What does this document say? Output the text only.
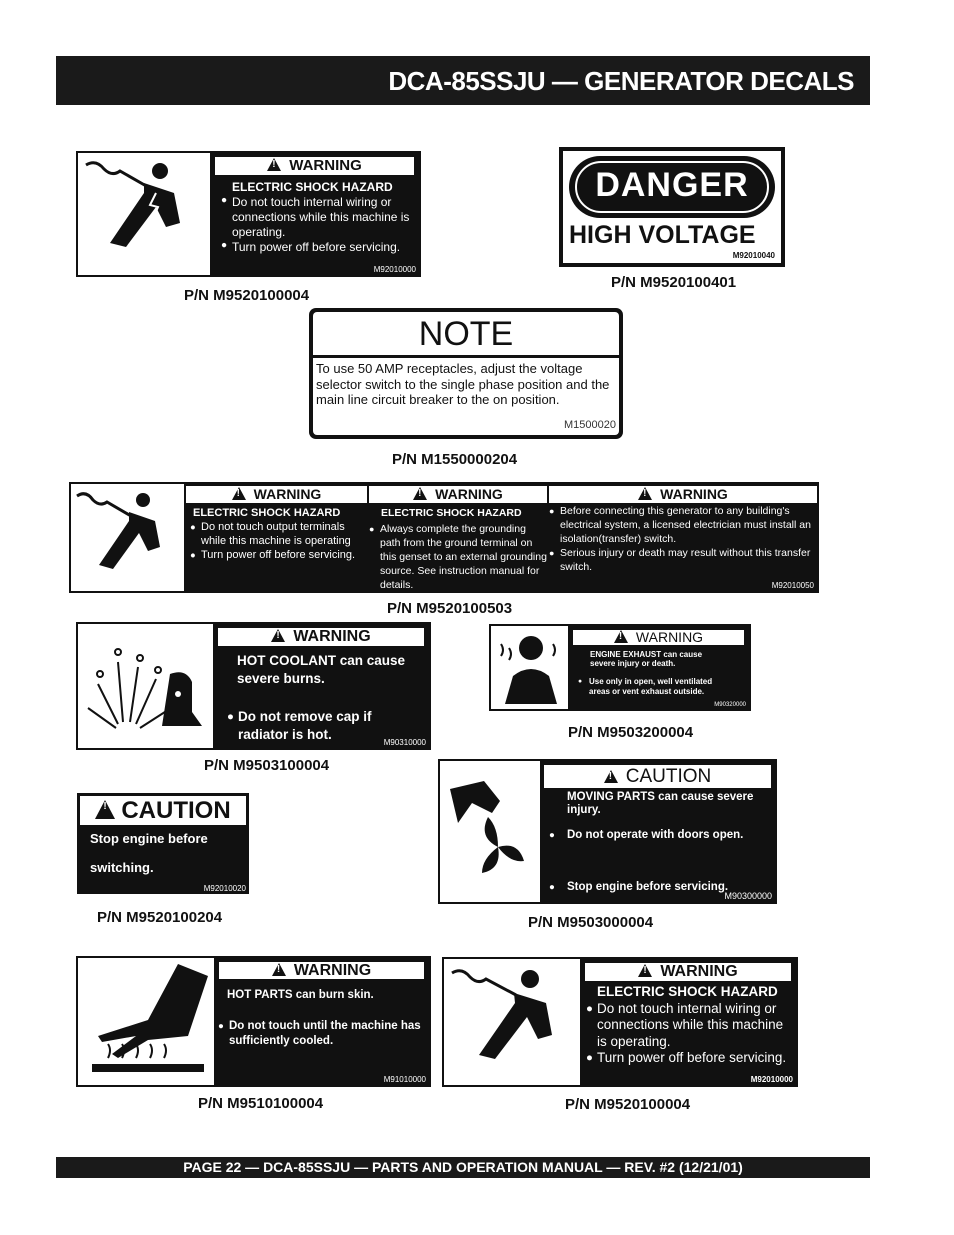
DCA-85SSJU — GENERATOR DECALS
!WARNING
ELECTRIC SHOCK HAZARD
● Do not touch internal wiring or connections while this machine is operating.
● Turn power off before servicing.
M92010000
P/N M9520100004
DANGER
HIGH VOLTAGE
M92010040
P/N M9520100401
NOTE
To use 50 AMP receptacles, adjust the voltage selector switch to the single phase position and the main line circuit breaker to the on position.
M1500020
P/N M1550000204
!WARNING !	WARNING !	WARNING
ELECTRIC SHOCK HAZARD
● Do not touch output terminals while this machine is operating
● Turn power off before servicing.
ELECTRIC SHOCK HAZARD
● Always complete the grounding path from the ground terminal on this genset to an external grounding source. See instruction manual for details.
● Before connecting this generator to any building's electrical system, a licensed electrician must install an isolation(transfer) switch.
● Serious injury or death may result without this transfer switch.
M92010050
P/N M9520100503
!WARNING
HOT COOLANT can cause severe burns.
● Do not remove cap if radiator is hot.
M90310000
P/N M9503100004
!WARNING
ENGINE EXHAUST can cause severe injury or death.
● Use only in open, well ventilated areas or vent exhaust outside.
M90320000
P/N M9503200004
!CAUTION
Stop engine before
switching.
M92010020
P/N M9520100204
!CAUTION
MOVING PARTS can cause severe injury.
● Do not operate with doors open.
● Stop engine before servicing.
M90300000
P/N M9503000004
!WARNING
HOT PARTS can burn skin.
● Do not touch until the machine has sufficiently cooled.
M91010000
P/N M9510100004
!WARNING
ELECTRIC SHOCK HAZARD
● Do not touch internal wiring or connections while this machine is operating.
● Turn power off before servicing.
M92010000
P/N M9520100004
PAGE 22 — DCA-85SSJU — PARTS AND OPERATION MANUAL — REV. #2 (12/21/01)
